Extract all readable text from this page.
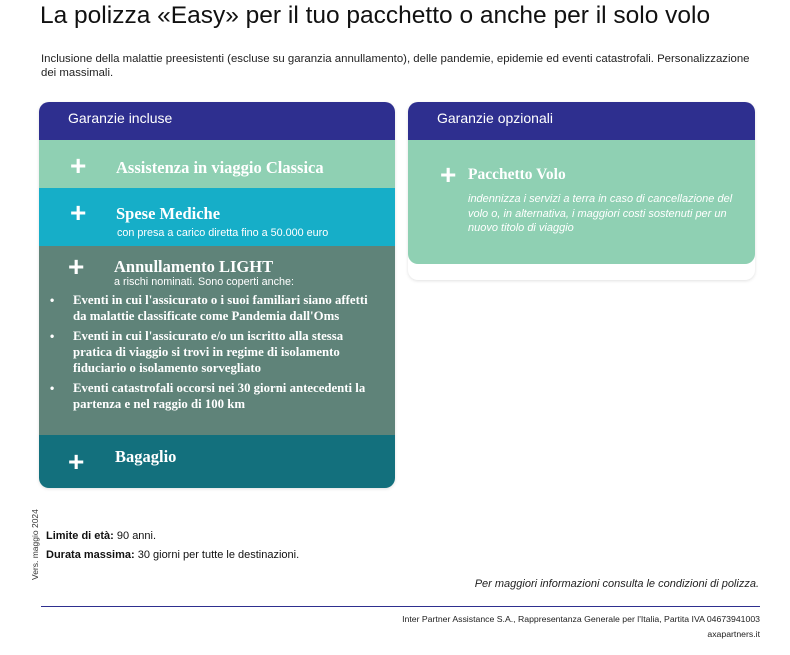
La polizza «Easy» per il tuo pacchetto o anche per il solo volo
Inclusione della malattie preesistenti (escluse su garanzia annullamento), delle pandemie, epidemie ed eventi catastrofali. Personalizzazione dei massimali.
Garanzie incluse
+ Assistenza in viaggio Classica
+ Spese Mediche
con presa a carico diretta fino a 50.000 euro
+ Annullamento LIGHT
a rischi nominati. Sono coperti anche:
• Eventi in cui l'assicurato o i suoi familiari siano affetti da malattie classificate come Pandemia dall'Oms
• Eventi in cui l'assicurato e/o un iscritto alla stessa pratica di viaggio si trovi in regime di isolamento fiduciario o isolamento sorvegliato
• Eventi catastrofali occorsi nei 30 giorni antecedenti la partenza e nel raggio di 100 km
+ Bagaglio
Garanzie opzionali
+ Pacchetto Volo
indennizza i servizi a terra in caso di cancellazione del volo o, in alternativa, i maggiori costi sostenuti per un nuovo titolo di viaggio
Vers. maggio 2024 Limite di età: 90 anni.
Durata massima: 30 giorni per tutte le destinazioni.
Per maggiori informazioni consulta le condizioni di polizza.
Inter Partner Assistance S.A., Rappresentanza Generale per l'Italia, Partita IVA 04673941003
axapartners.it
